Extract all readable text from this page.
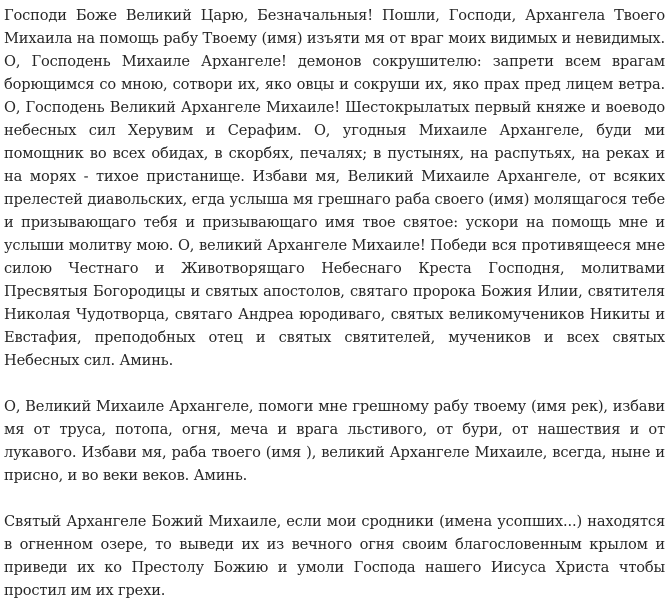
Господи Боже Великий Царю, Безначальныя! Пошли, Господи, Архангела Твоего Михаила на помощь рабу Твоему (имя) изъяти мя от враг моих видимых и невидимых. О, Господень Михаиле Архангеле! демонов сокрушителю: запрети всем врагам борющимся со мною, сотвори их, яко овцы и сокруши их, яко прах пред лицем ветра. О, Господень Великий Архангеле Михаиле! Шестокрылатых первый княже и воеводо небесных сил Херувим и Серафим. О, угодныя Михаиле Архангеле, буди ми помощник во всех обидах, в скорбях, печалях; в пустынях, на распутьях, на реках и на морях - тихое пристанище. Избави мя, Великий Михаиле Архангеле, от всяких прелестей диавольских, егда услыша мя грешнаго раба своего (имя) молящагося тебе и призывающаго тебя и призывающаго имя твое святое: ускори на помощь мне и услыши молитву мою. О, великий Архангеле Михаиле! Победи вся противящееся мне силою Честнаго и Животворящаго Небеснаго Креста Господня, молитвами Пресвятыя Богородицы и святых апостолов, святаго пророка Божия Илии, святителя Николая Чудотворца, святаго Андреа юродиваго, святых великомучеников Никиты и Евстафия, преподобных отец и святых святителей, мучеников и всех святых Небесных сил. Аминь.

О, Великий Михаиле Архангеле, помоги мне грешному рабу твоему (имя рек), избави мя от труса, потопа, огня, меча и врага льстивого, от бури, от нашествия и от лукавого. Избави мя, раба твоего (имя ), великий Архангеле Михаиле, всегда, ныне и присно, и во веки веков. Аминь.

Святый Архангеле Божий Михаиле, если мои сродники (имена усопших...) находятся в огненном озере, то выведи их из вечного огня своим благословенным крылом и приведи их ко Престолу Божию и умоли Господа нашего Иисуса Христа чтобы простил им их грехи.
